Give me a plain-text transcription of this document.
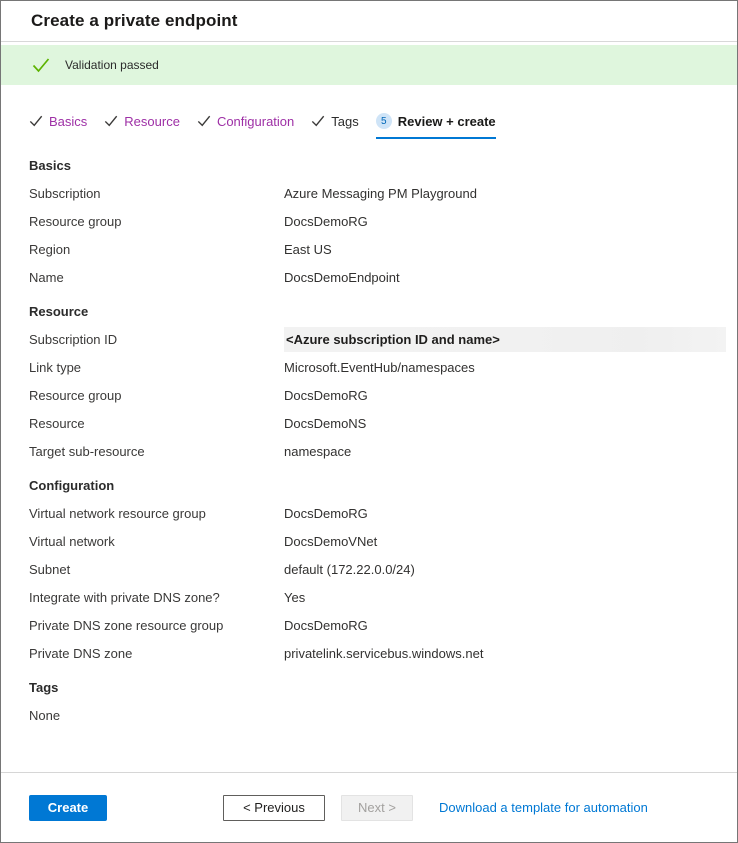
Create a private endpoint
Validation passed
Basics	Resource	Configuration	Tags	5 Review + create
Basics
Subscription	Azure Messaging PM Playground
Resource group	DocsDemoRG
Region	East US
Name	DocsDemoEndpoint
Resource
Subscription ID	<Azure subscription ID and name>
Link type	Microsoft.EventHub/namespaces
Resource group	DocsDemoRG
Resource	DocsDemoNS
Target sub-resource	namespace
Configuration
Virtual network resource group	DocsDemoRG
Virtual network	DocsDemoVNet
Subnet	default (172.22.0.0/24)
Integrate with private DNS zone?	Yes
Private DNS zone resource group	DocsDemoRG
Private DNS zone	privatelink.servicebus.windows.net
Tags
None
Create	< Previous	Next >	Download a template for automation
